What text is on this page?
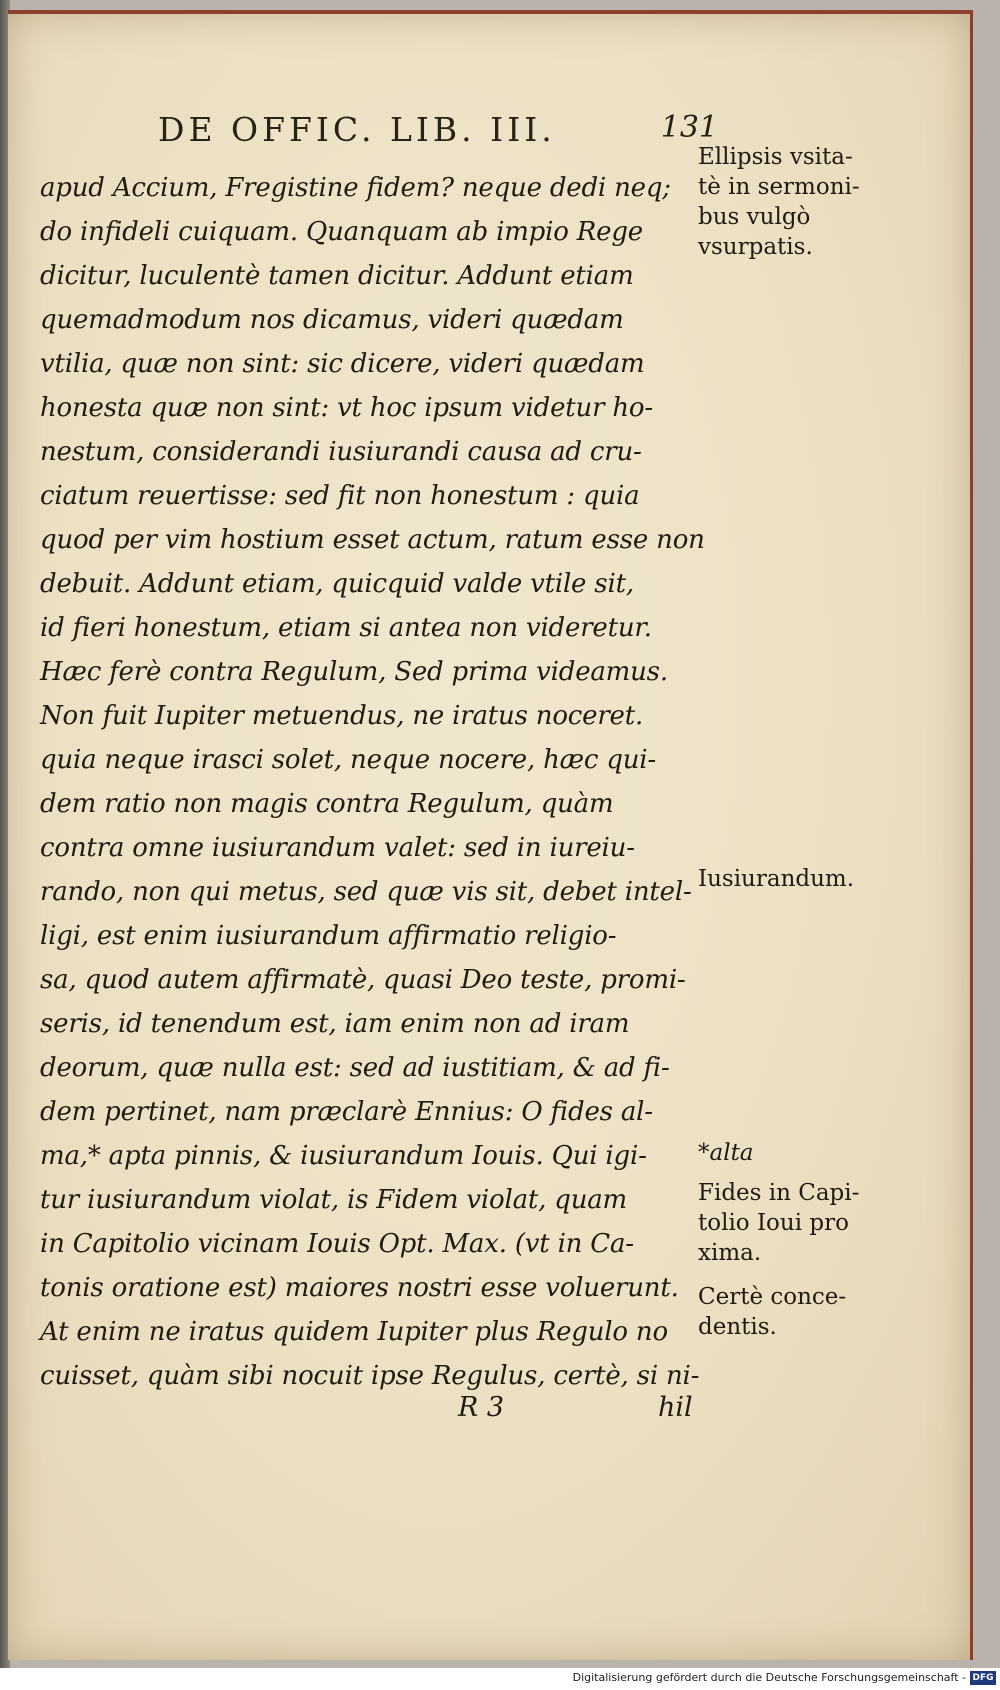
DE OFFIC. LIB. III.	131
apud Accium, Fregistine fidem? neque dedi neq;
do infideli cuiquam. Quanquam ab impio Rege
dicitur, luculentè tamen dicitur. Addunt etiam
quemadmodum nos dicamus, videri quædam
vtilia, quæ non sint: sic dicere, videri quædam
honesta quæ non sint: vt hoc ipsum videtur ho-
nestum, considerandi iusiurandi causa ad cru-
ciatum reuertisse: sed fit non honestum : quia
quod per vim hostium esset actum, ratum esse non
debuit. Addunt etiam, quicquid valde vtile sit,
id fieri honestum, etiam si antea non videretur.
Hæc ferè contra Regulum, Sed prima videamus.
Non fuit Iupiter metuendus, ne iratus noceret.
quia neque irasci solet, neque nocere, hæc qui-
dem ratio non magis contra Regulum, quàm
contra omne iusiurandum valet: sed in iureiu-
rando, non qui metus, sed quæ vis sit, debet intel-
ligi, est enim iusiurandum affirmatio religio-
sa, quod autem affirmatè, quasi Deo teste, promi-
seris, id tenendum est, iam enim non ad iram
deorum, quæ nulla est: sed ad iustitiam, & ad fi-
dem pertinet, nam præclarè Ennius: O fides al-
ma,* apta pinnis, & iusiurandum Iouis. Qui igi-
tur iusiurandum violat, is Fidem violat, quam
in Capitolio vicinam Iouis Opt. Max. (vt in Ca-
tonis oratione est) maiores nostri esse voluerunt.
At enim ne iratus quidem Iupiter plus Regulo no
cuisset, quàm sibi nocuit ipse Regulus, certè, si ni-
R 3	hil
Ellipsis vsita-
tè in sermoni-
bus vulgò
vsurpatis.
Iusiurandum.
*alta
Fides in Capi-
tolio Ioui pro
xima.
Certè conce-
dentis.
Digitalisierung gefördert durch die Deutsche Forschungsgemeinschaft - DFG
